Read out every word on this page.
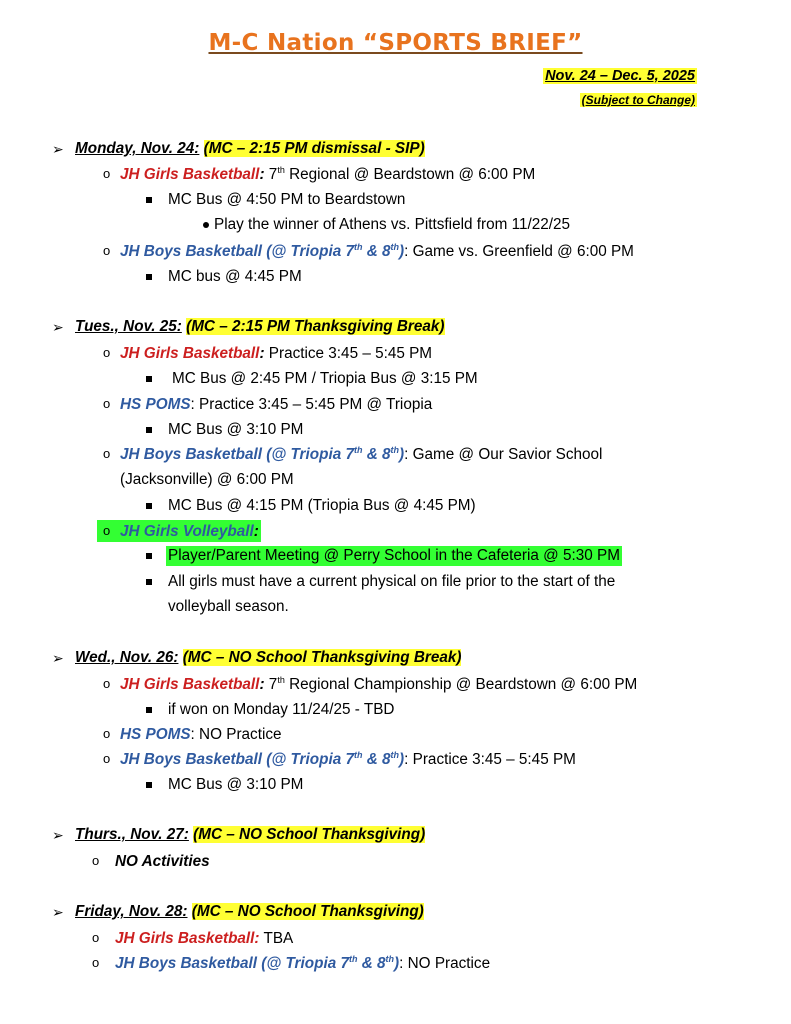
M-C Nation “SPORTS BRIEF”
Nov. 24 – Dec. 5, 2025
(Subject to Change)
➢ Monday, Nov. 24: (MC – 2:15 PM dismissal - SIP)
o JH Girls Basketball: 7th Regional @ Beardstown @ 6:00 PM
MC Bus @ 4:50 PM to Beardstown
Play the winner of Athens vs. Pittsfield from 11/22/25
o JH Boys Basketball (@ Triopia 7th & 8th): Game vs. Greenfield @ 6:00 PM
MC bus @ 4:45 PM
➢ Tues., Nov. 25: (MC – 2:15 PM Thanksgiving Break)
o JH Girls Basketball: Practice 3:45 – 5:45 PM
MC Bus @ 2:45 PM / Triopia Bus @ 3:15 PM
o HS POMS: Practice 3:45 – 5:45 PM @ Triopia
MC Bus @ 3:10 PM
o JH Boys Basketball (@ Triopia 7th & 8th): Game @ Our Savior School
(Jacksonville) @ 6:00 PM
MC Bus @ 4:15 PM (Triopia Bus @ 4:45 PM)
o JH Girls Volleyball:
Player/Parent Meeting @ Perry School in the Cafeteria @ 5:30 PM
All girls must have a current physical on file prior to the start of the
volleyball season.
➢ Wed., Nov. 26: (MC – NO School Thanksgiving Break)
o JH Girls Basketball: 7th Regional Championship @ Beardstown @ 6:00 PM
if won on Monday 11/24/25 - TBD
o HS POMS: NO Practice
o JH Boys Basketball (@ Triopia 7th & 8th): Practice 3:45 – 5:45 PM
MC Bus @ 3:10 PM
➢ Thurs., Nov. 27: (MC – NO School Thanksgiving)
o NO Activities
➢ Friday, Nov. 28: (MC – NO School Thanksgiving)
o JH Girls Basketball: TBA
o JH Boys Basketball (@ Triopia 7th & 8th): NO Practice
